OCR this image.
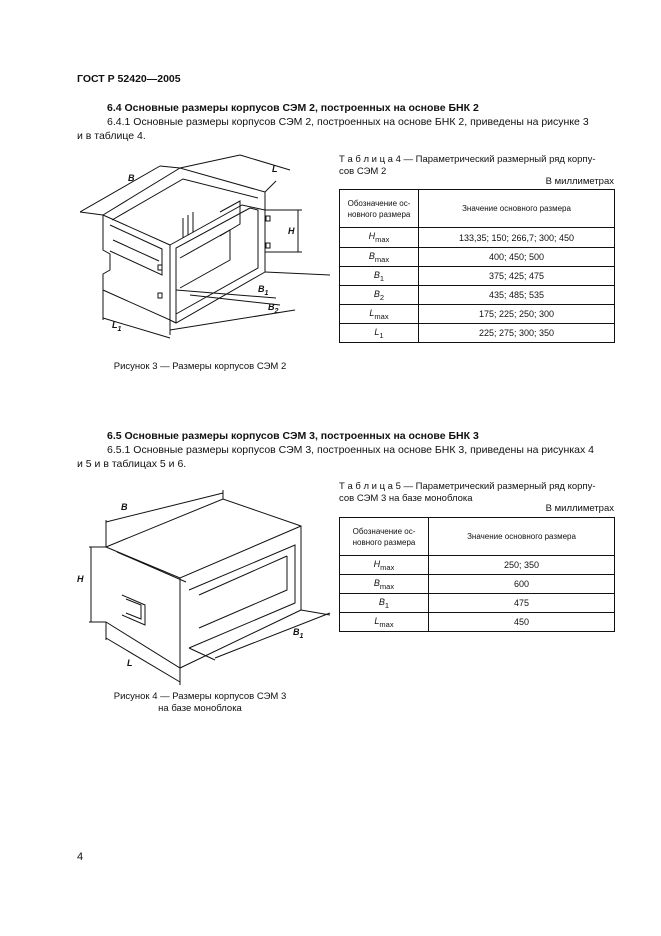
ГОСТ Р 52420—2005
6.4 Основные размеры корпусов СЭМ 2, построенных на основе БНК 2
6.4.1 Основные размеры корпусов СЭМ 2, построенных на основе БНК 2, приведены на рисунке 3
и в таблице 4.
Т а б л и ц а 4 — Параметрический размерный ряд корпу-
сов СЭМ 2
В миллиметрах
Обозначение ос-
новного размера	Значение основного размера
$H_{max}$	133,35; 150; 266,7; 300; 450
$B_{max}$	400; 450; 500
$B_1$	375; 425; 475
$B_2$	435; 485; 535
$L_{max}$	175; 225; 250; 300
$L_1$	225; 275; 300; 350
B
L
H
$B_1$
$B_2$
$L_1$
Рисунок 3 — Размеры корпусов СЭМ 2
6.5 Основные размеры корпусов СЭМ 3, построенных на основе БНК 3
6.5.1 Основные размеры корпусов СЭМ 3, построенных на основе БНК 3, приведены на рисунках 4
и 5 и в таблицах 5 и 6.
Т а б л и ц а 5 — Параметрический размерный ряд корпу-
сов СЭМ 3 на базе моноблока
В миллиметрах
Обозначение ос-
новного размера	Значение основного размера
$H_{max}$	250; 350
$B_{max}$	600
$B_1$	475
$L_{max}$	450
B
H
L
$B_1$
Рисунок 4 — Размеры корпусов СЭМ 3
на базе моноблока
4
